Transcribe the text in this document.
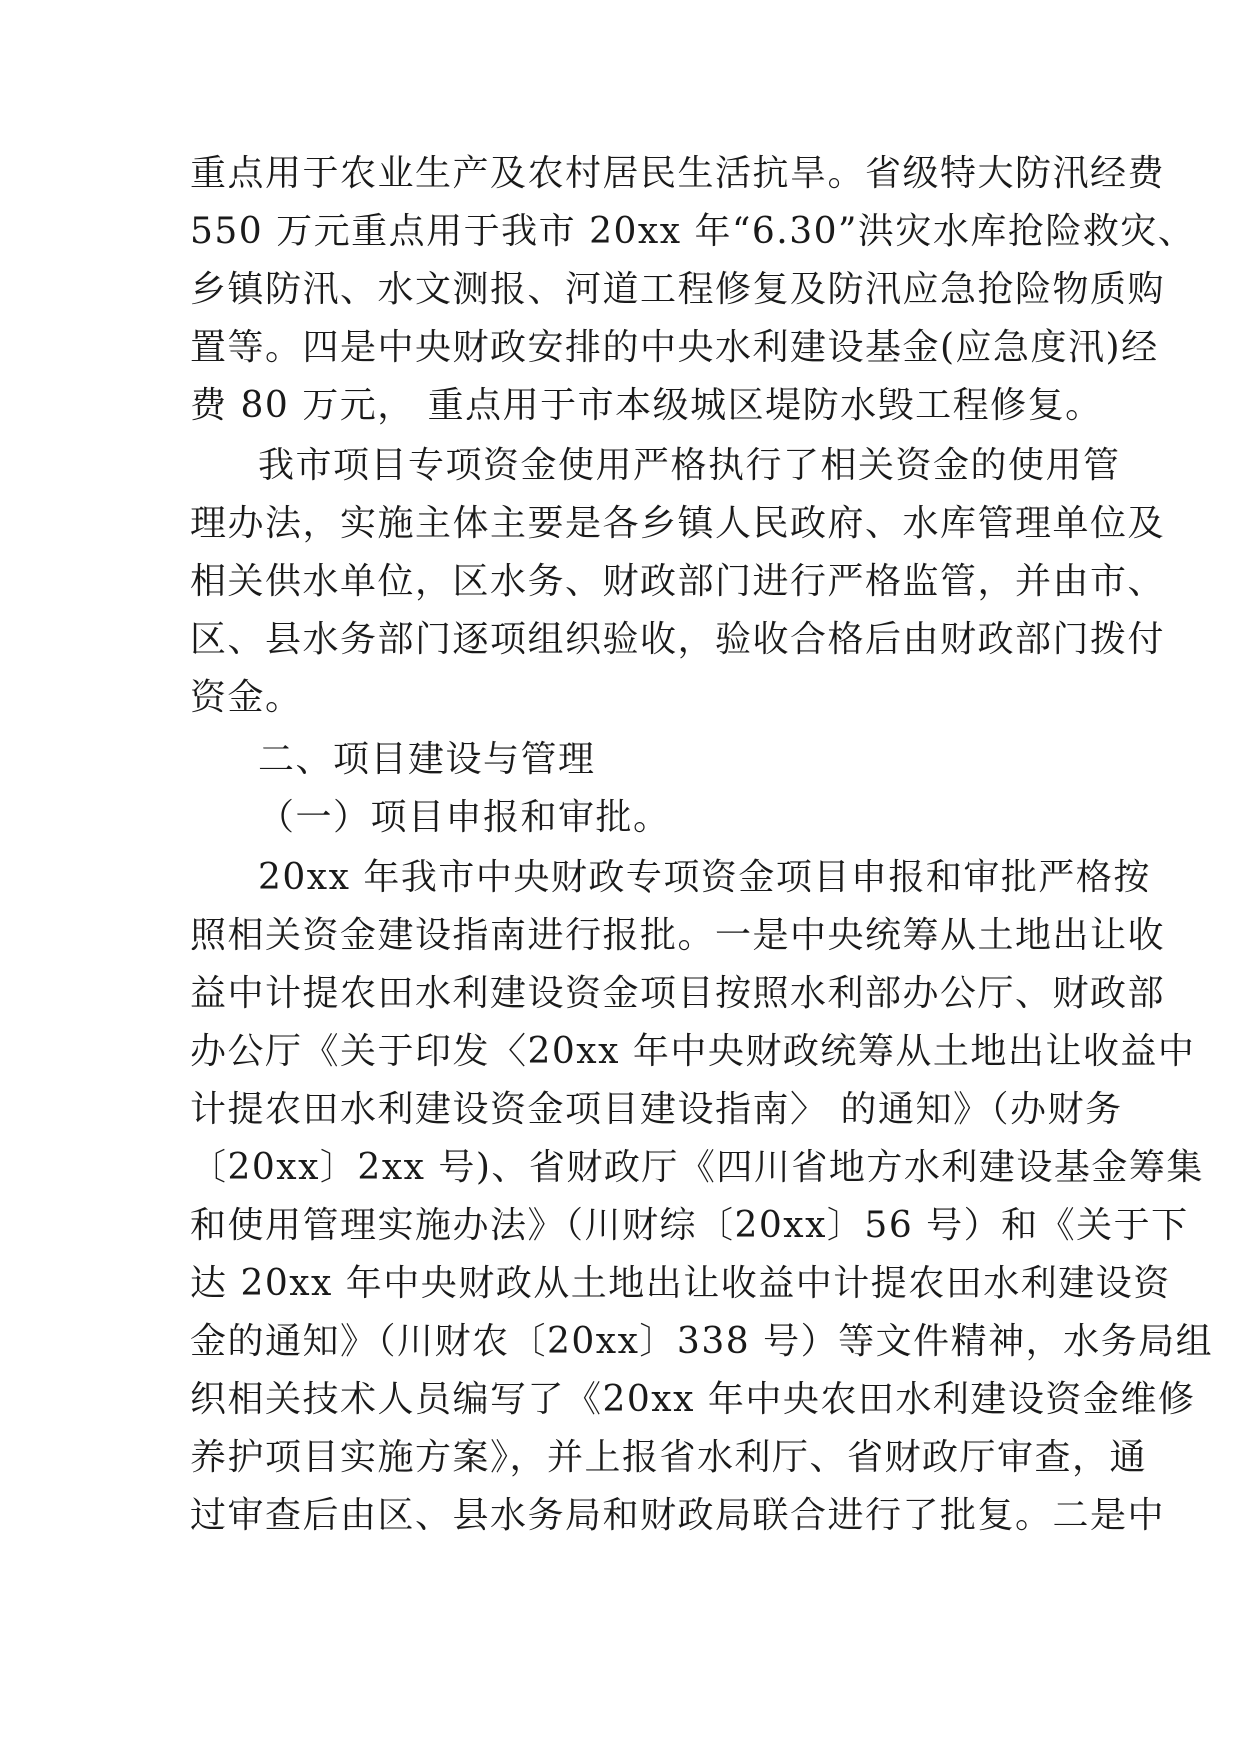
重点用于农业生产及农村居民生活抗旱。省级特大防汛经费
550 万元重点用于我市 20xx 年“6.30”洪灾水库抢险救灾、
乡镇防汛、水文测报、河道工程修复及防汛应急抢险物质购
置等。四是中央财政安排的中央水利建设基金(应急度汛)经
费 80 万元， 重点用于市本级城区堤防水毁工程修复。
我市项目专项资金使用严格执行了相关资金的使用管
理办法，实施主体主要是各乡镇人民政府、水库管理单位及
相关供水单位，区水务、财政部门进行严格监管，并由市、
区、县水务部门逐项组织验收，验收合格后由财政部门拨付
资金。
二、项目建设与管理
（一）项目申报和审批。
20xx 年我市中央财政专项资金项目申报和审批严格按
照相关资金建设指南进行报批。一是中央统筹从土地出让收
益中计提农田水利建设资金项目按照水利部办公厅、财政部
办公厅《关于印发〈20xx 年中央财政统筹从土地出让收益中
计提农田水利建设资金项目建设指南〉 的通知》（办财务
〔20xx〕2xx 号)、省财政厅《四川省地方水利建设基金筹集
和使用管理实施办法》（川财综〔20xx〕56 号）和《关于下
达 20xx 年中央财政从土地出让收益中计提农田水利建设资
金的通知》（川财农〔20xx〕338 号）等文件精神，水务局组
织相关技术人员编写了《20xx 年中央农田水利建设资金维修
养护项目实施方案》，并上报省水利厅、省财政厅审查，通
过审查后由区、县水务局和财政局联合进行了批复。二是中
